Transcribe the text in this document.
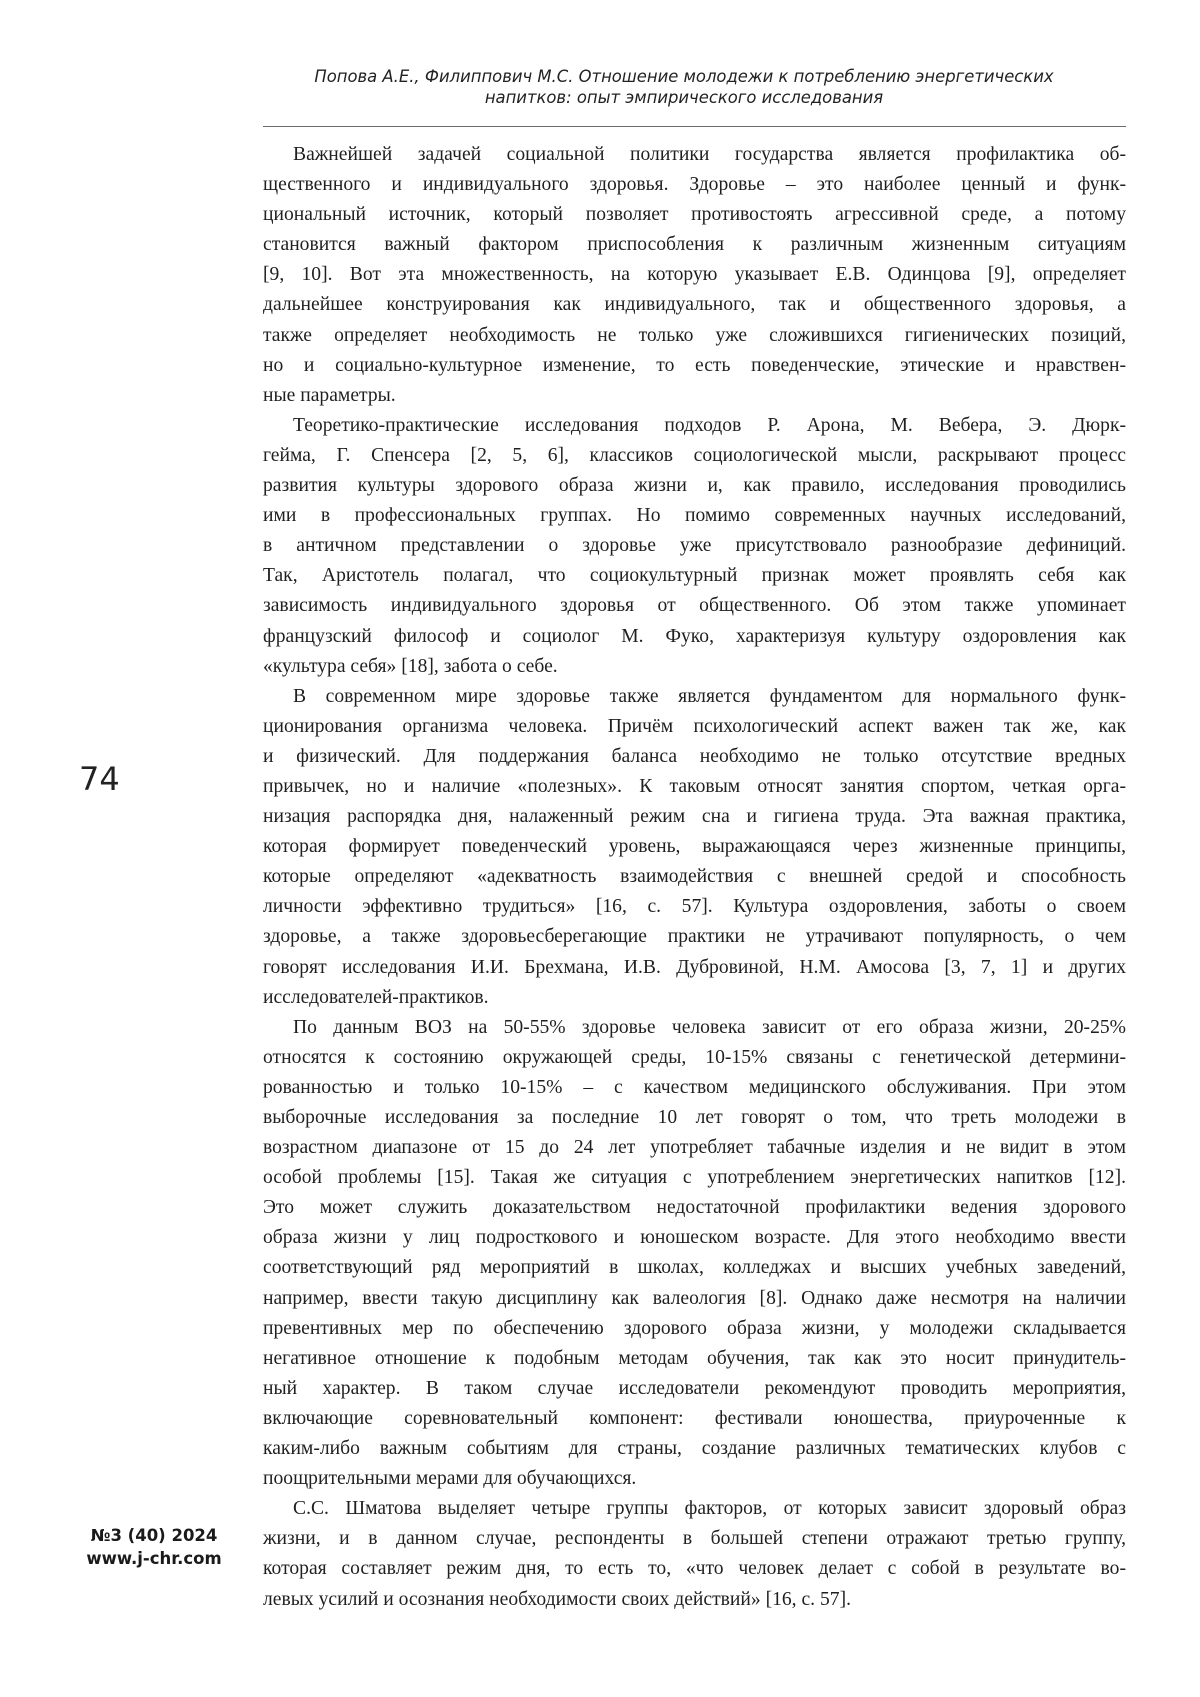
Попова А.Е., Филиппович М.С. Отношение молодежи к потреблению энергетических
напитков: опыт эмпирического исследования
74
№3 (40) 2024
www.j-chr.com
Важнейшей задачей социальной политики государства является профилактика об-
щественного и индивидуального здоровья. Здоровье – это наиболее ценный и функ-
циональный источник, который позволяет противостоять агрессивной среде, а потому
становится важный фактором приспособления к различным жизненным ситуациям
[9, 10]. Вот эта множественность, на которую указывает Е.В. Одинцова [9], определяет
дальнейшее конструирования как индивидуального, так и общественного здоровья, а
также определяет необходимость не только уже сложившихся гигиенических позиций,
но и социально-культурное изменение, то есть поведенческие, этические и нравствен-
ные параметры.
Теоретико-практические исследования подходов Р. Арона, М. Вебера, Э. Дюрк-
гейма, Г. Спенсера [2, 5, 6], классиков социологической мысли, раскрывают процесс
развития культуры здорового образа жизни и, как правило, исследования проводились
ими в профессиональных группах. Но помимо современных научных исследований,
в античном представлении о здоровье уже присутствовало разнообразие дефиниций.
Так, Аристотель полагал, что социокультурный признак может проявлять себя как
зависимость индивидуального здоровья от общественного. Об этом также упоминает
французский философ и социолог М. Фуко, характеризуя культуру оздоровления как
«культура себя» [18], забота о себе.
В современном мире здоровье также является фундаментом для нормального функ-
ционирования организма человека. Причём психологический аспект важен так же, как
и физический. Для поддержания баланса необходимо не только отсутствие вредных
привычек, но и наличие «полезных». К таковым относят занятия спортом, четкая орга-
низация распорядка дня, налаженный режим сна и гигиена труда. Эта важная практика,
которая формирует поведенческий уровень, выражающаяся через жизненные принципы,
которые определяют «адекватность взаимодействия с внешней средой и способность
личности эффективно трудиться» [16, с. 57]. Культура оздоровления, заботы о своем
здоровье, а также здоровьесберегающие практики не утрачивают популярность, о чем
говорят исследования И.И. Брехмана, И.В. Дубровиной, Н.М. Амосова [3, 7, 1] и других
исследователей-практиков.
По данным ВОЗ на 50-55% здоровье человека зависит от его образа жизни, 20-25%
относятся к состоянию окружающей среды, 10-15% связаны с генетической детермини-
рованностью и только 10-15% – с качеством медицинского обслуживания. При этом
выборочные исследования за последние 10 лет говорят о том, что треть молодежи в
возрастном диапазоне от 15 до 24 лет употребляет табачные изделия и не видит в этом
особой проблемы [15]. Такая же ситуация с употреблением энергетических напитков [12].
Это может служить доказательством недостаточной профилактики ведения здорового
образа жизни у лиц подросткового и юношеском возрасте. Для этого необходимо ввести
соответствующий ряд мероприятий в школах, колледжах и высших учебных заведений,
например, ввести такую дисциплину как валеология [8]. Однако даже несмотря на наличии
превентивных мер по обеспечению здорового образа жизни, у молодежи складывается
негативное отношение к подобным методам обучения, так как это носит принудитель-
ный характер. В таком случае исследователи рекомендуют проводить мероприятия,
включающие соревновательный компонент: фестивали юношества, приуроченные к
каким-либо важным событиям для страны, создание различных тематических клубов с
поощрительными мерами для обучающихся.
С.С. Шматова выделяет четыре группы факторов, от которых зависит здоровый образ
жизни, и в данном случае, респонденты в большей степени отражают третью группу,
которая составляет режим дня, то есть то, «что человек делает с собой в результате во-
левых усилий и осознания необходимости своих действий» [16, с. 57].
